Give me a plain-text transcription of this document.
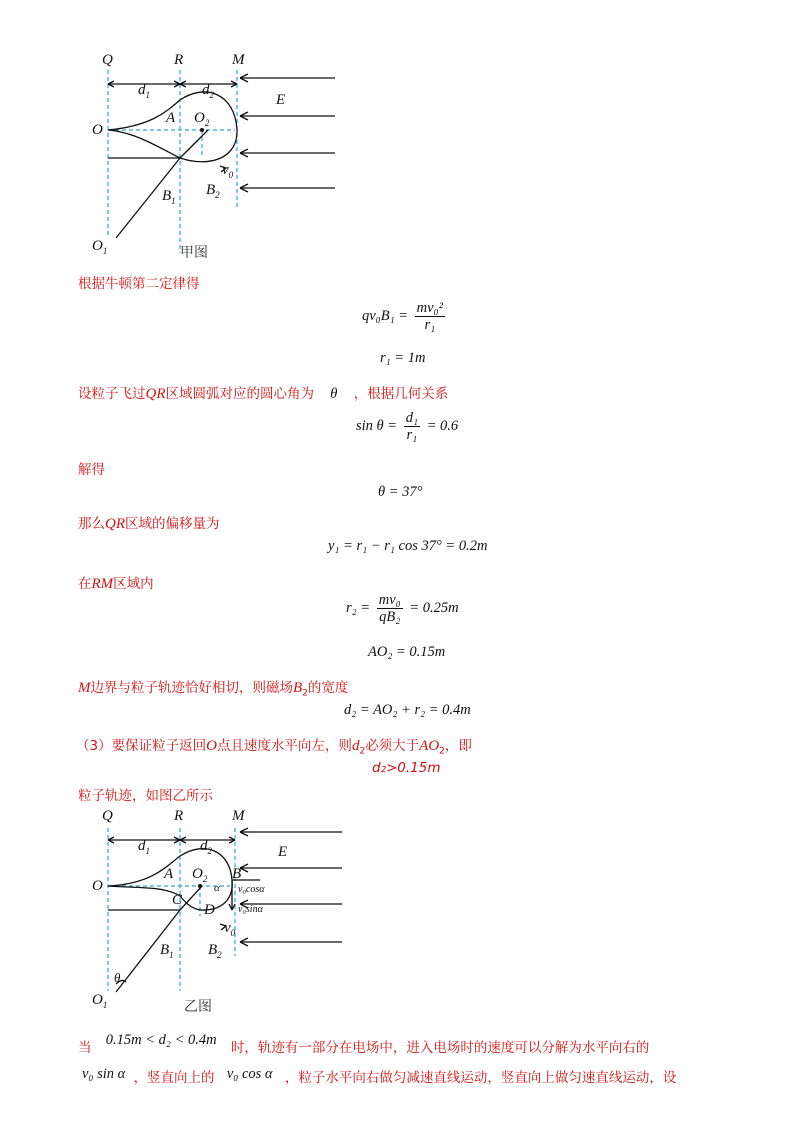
Q	R	M
E
O
A $O_2$
$d_1$	$d_2$
$v_0$
$B_1$
$B_2$
$O_1$	甲图
根据牛顿第二定律得
$qv_0B_1 = \frac{\text{mv₀²}}{\text{r₁}}$
r₁ = 1m
设粒子飞过QR区域圆弧对应的圆心角为 θ ，根据几何关系
$\sin \theta = \frac{\text{d₁}}{\text{r₁}} = 0.6$
解得
θ = 37°
那么QR区域的偏移量为
y₁ = r₁ − r₁ cos 37° = 0.2m
在RM区域内
$r_2 = \frac{\text{mv₀}}{\text{qB₂}} = 0.25m$
AO₂ = 0.15m
M边界与粒子轨迹恰好相切，则磁场$B_2$的宽度
d₂ = AO₂ + r₂ = 0.4m
（3）要保证粒子返回O点且速度水平向左，则$d_2$必须大于$AO_2$，即
d₂>0.15m
粒子轨迹，如图乙所示
Q	R	M
E
O
A $O_2$ B
C
D
α v₀cosα
v₀sinα
$d_1$	$d_2$
$v_0$
$B_1$ $B_2$
θ
$O_1$	乙图
当 0.15m < d₂ < 0.4m 时，轨迹有一部分在电场中，进入电场时的速度可以分解为水平向右的
v₀ sin α ，竖直向上的 v₀ cos α ，粒子水平向右做匀减速直线运动，竖直向上做匀速直线运动，设
